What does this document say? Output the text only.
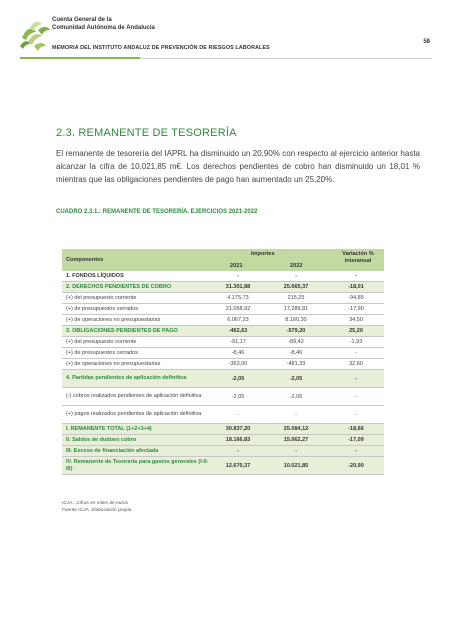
Cuenta General de la
Comunidad Autónoma de Andalucía
58
MEMORIA DEL INSTITUTO ANDALUZ DE PREVENCIÓN DE RIESGOS LABORALES
2.3. REMANENTE DE TESORERÍA
El remanente de tesorería del IAPRL ha disminuido un 20,90% con respecto al ejercicio anterior hasta alcanzar la cifra de 10.021,85 m€. Los derechos pendientes de cobro han disminuido un 18,01 % mientras que las obligaciones pendientes de pago han aumentado un 25,20%.
CUADRO 2.3.1.: REMANENTE DE TESORERÍA. EJERCICIOS 2021-2022
Componentes
Importes
2021	2022
Variación % interanual
1. FONDOS LÍQUIDOS	-	-	-
2. DERECHOS PENDIENTES DE COBRO	31.301,88	25.665,37	-18,01
(+) del presupuesto corriente	4.175,73	215,25	-94,85
(+) de presupuestos cerrados	21.058,92	17.289,81	-17,90
(+) de operaciones no presupuestarias	6.067,23	8.160,30	34,50
3. OBLIGACIONES PENDIENTES DE PAGO	-462,63	-579,20	25,20
(+) del presupuesto corriente	-91,17	-89,42	-1,93
(+) de presupuestos cerrados	-8,46	-8,46	-
(+) de operaciones no presupuestarias	-363,00	-481,33	32,60
4. Partidas pendientes de aplicación definitiva	-2,05	-2,05	-
(-) cobros realizados pendientes de aplicación definitiva	-2,05	-2,05	-
(+) pagos realizados pendientes de aplicación definitiva	-	-	-
I. REMANENTE TOTAL (1+2+3+4)	30.837,20	25.084,12	-18,66
II. Saldos de dudoso cobro	18.166,83	15.062,27	-17,09
III. Exceso de financiación afectada	-	-	-
IV. Remanente de Tesorería para gastos generales (I-II-III)	12.670,37	10.021,85	-20,90
ICJA.: Cifras en miles de euros
Fuente ICJA. Elaboración propia
